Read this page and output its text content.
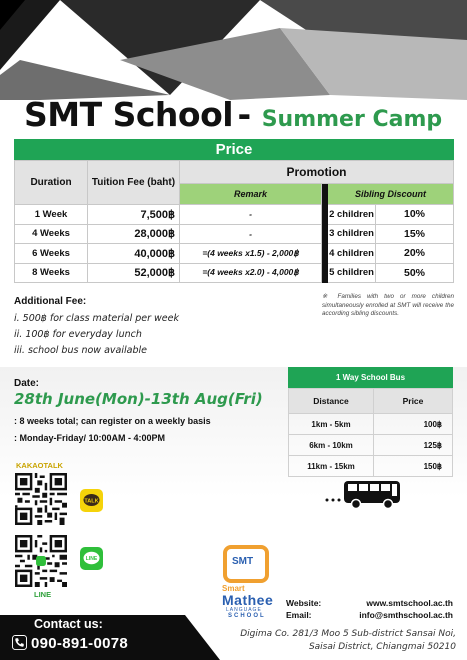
SMT School - Summer Camp
Price
Duration	Tuition Fee (baht)	Promotion			
		Remark		Sibling Discount	
1 Week	7,500฿	-		2 children	10%
4 Weeks	28,000฿	-		3 children	15%
6 Weeks	40,000฿	=(4 weeks x1.5) - 2,000฿		4 children	20%
8 Weeks	52,000฿	=(4 weeks x2.0) - 4,000฿		5 children	50%
Additional Fee:
i. 500฿ for class material per week
ii. 100฿ for everyday lunch
iii. school bus now available
※ Families with two or more children simultaneously enrolled at SMT will receive the according sibling discounts.
Date:
28th June(Mon)-13th Aug(Fri)
: 8 weeks total; can register on a weekly basis
: Monday-Friday/ 10:00AM - 4:00PM
1 Way School Bus
Distance	Price
1km - 5km	100฿
6km - 10km	125฿
11km - 15km	150฿
KAKAOTALK
TALK
LINE
LINE
SMT
Smart
Mathee
LANGUAGE
SCHOOL
Website:
Email:
www.smtschool.ac.th
info@smthschool.ac.th
Digima Co. 281/3 Moo 5 Sub-district Sansai Noi,
Saisai District, Chiangmai 50210
Contact us:
090-891-0078
